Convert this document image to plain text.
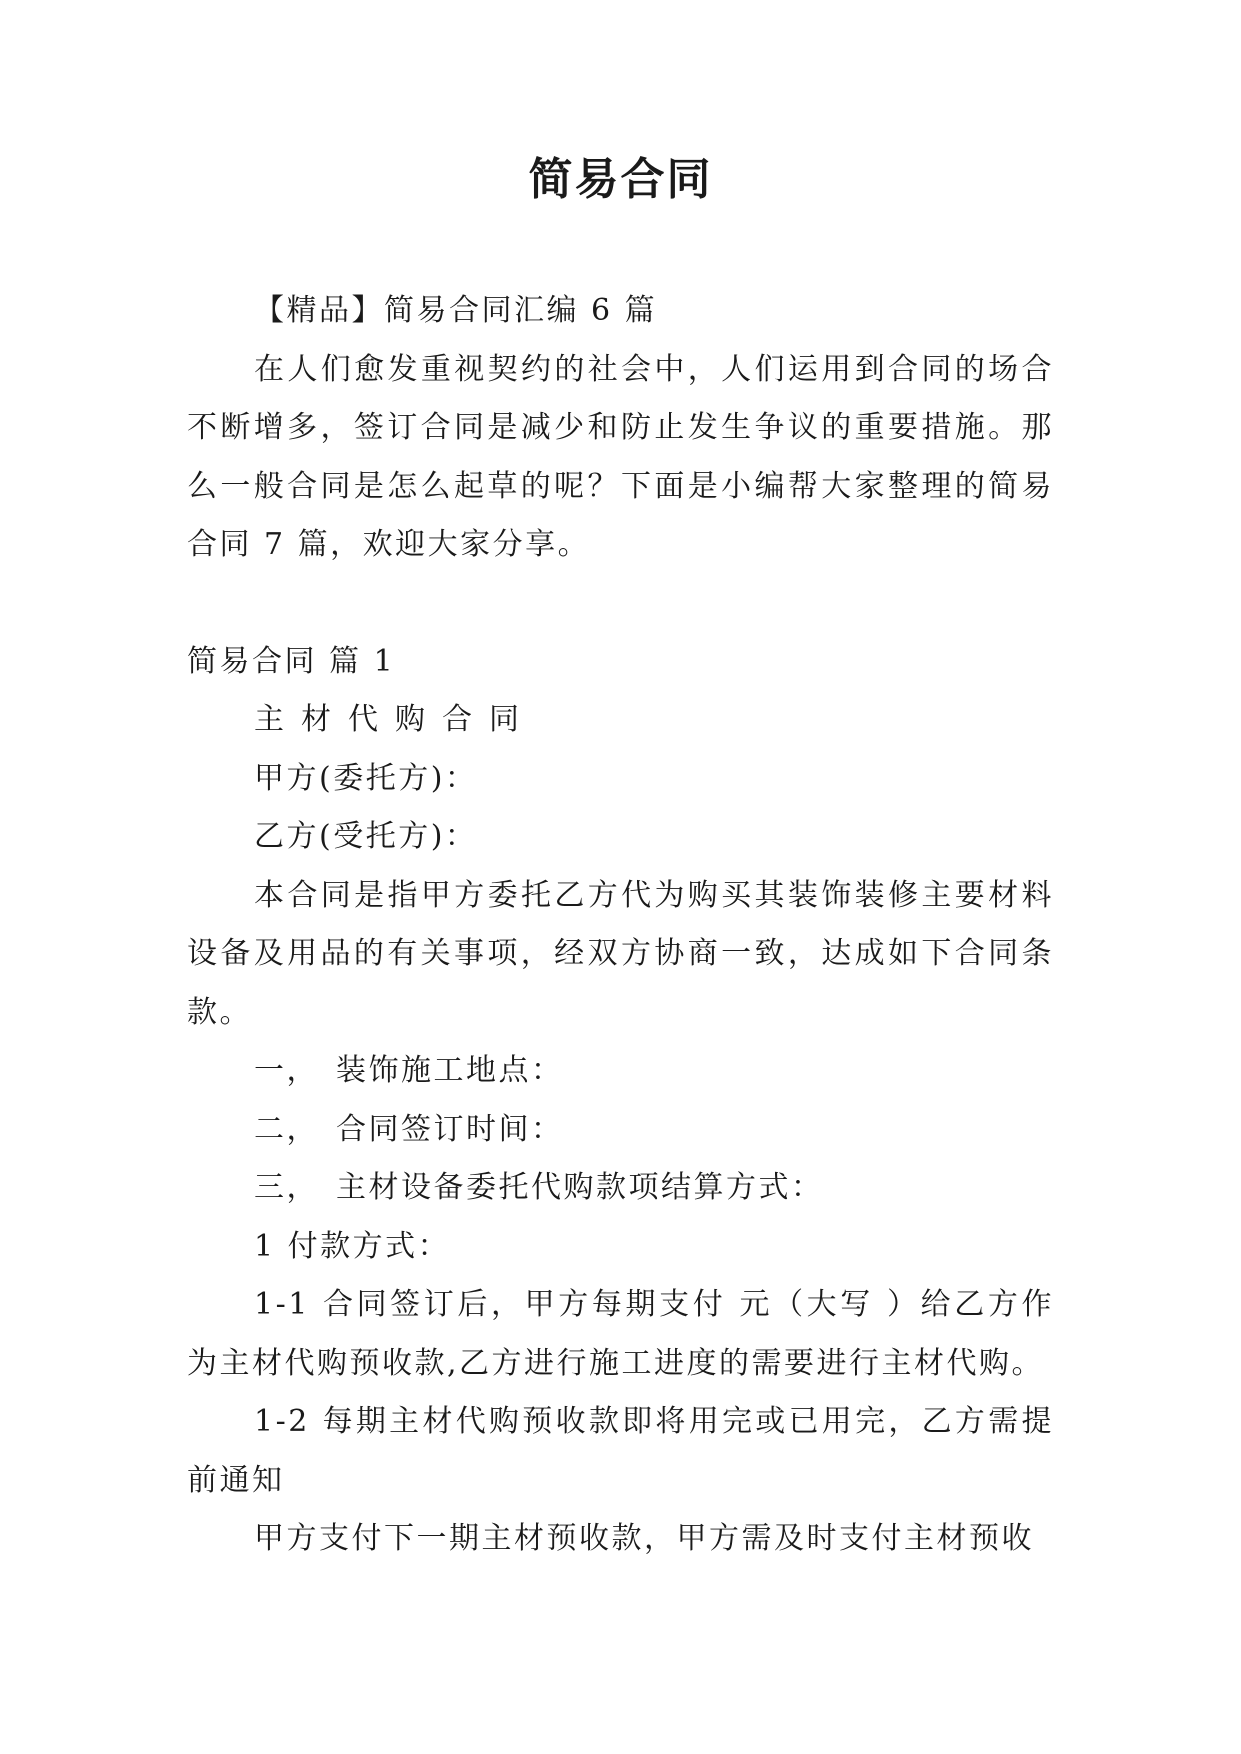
简易合同

【精品】简易合同汇编 6 篇

在人们愈发重视契约的社会中，人们运用到合同的场合不断增多，签订合同是减少和防止发生争议的重要措施。那么一般合同是怎么起草的呢？下面是小编帮大家整理的简易合同 7 篇，欢迎大家分享。

简易合同 篇 1

主材代购合同

甲方(委托方)：

乙方(受托方)：

本合同是指甲方委托乙方代为购买其装饰装修主要材料设备及用品的有关事项，经双方协商一致，达成如下合同条款。

一， 装饰施工地点：

二， 合同签订时间：

三， 主材设备委托代购款项结算方式：

1 付款方式：

1-1 合同签订后，甲方每期支付 元（大写 ）给乙方作为主材代购预收款,乙方进行施工进度的需要进行主材代购。

1-2 每期主材代购预收款即将用完或已用完，乙方需提前通知

甲方支付下一期主材预收款，甲方需及时支付主材预收
